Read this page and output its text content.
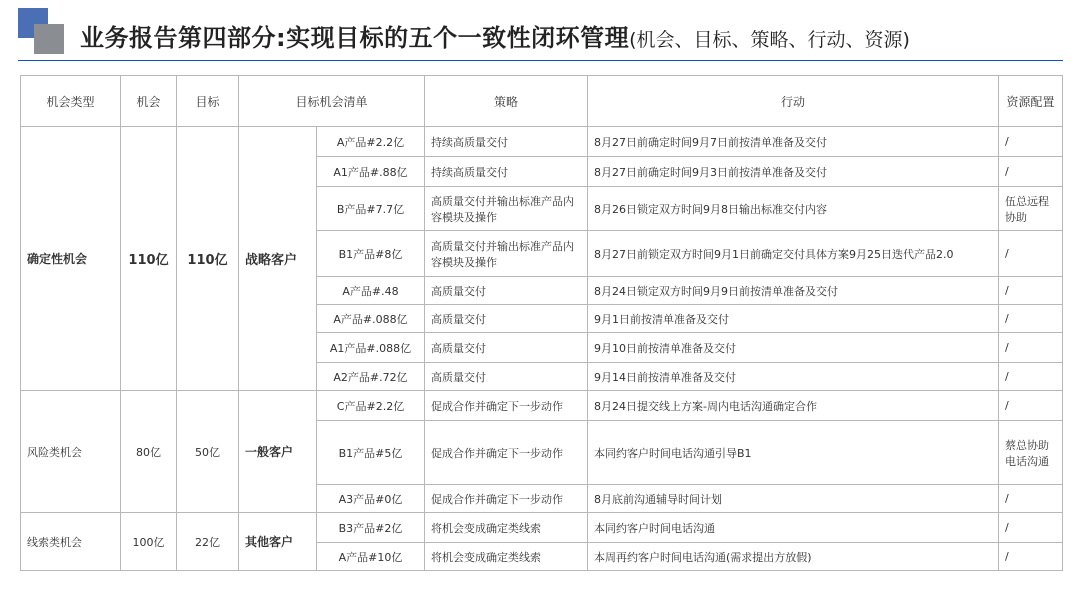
业务报告第四部分:实现目标的五个一致性闭环管理(机会、目标、策略、行动、资源)
机会类型	机会	目标	目标机会清单		策略	行动	资源配置
确定性机会	110亿	110亿	战略客户	A产品#2.2亿	持续高质量交付	8月27日前确定时间9月7日前按清单准备及交付	/
				A1产品#.88亿	持续高质量交付	8月27日前确定时间9月3日前按清单准备及交付	/
				B产品#7.7亿	高质量交付并输出标准产品内容模块及操作	8月26日锁定双方时间9月8日输出标准交付内容	伍总远程协助
				B1产品#8亿	高质量交付并输出标准产品内容模块及操作	8月27日前锁定双方时间9月1日前确定交付具体方案9月25日迭代产品2.0	/
				A产品#.48	高质量交付	8月24日锁定双方时间9月9日前按清单准备及交付	/
				A产品#.088亿	高质量交付	9月1日前按清单准备及交付	/
				A1产品#.088亿	高质量交付	9月10日前按清单准备及交付	/
				A2产品#.72亿	高质量交付	9月14日前按清单准备及交付	/
风险类机会	80亿	50亿	一般客户	C产品#2.2亿	促成合作并确定下一步动作	8月24日提交线上方案-周内电话沟通确定合作	/
				B1产品#5亿	促成合作并确定下一步动作	本同约客户时间电话沟通引导B1	蔡总协助电话沟通
				A3产品#0亿	促成合作并确定下一步动作	8月底前沟通辅导时间计划	/
线索类机会	100亿	22亿	其他客户	B3产品#2亿	将机会变成确定类线索	本同约客户时间电话沟通	/
				A产品#10亿	将机会变成确定类线索	本周再约客户时间电话沟通(需求提出方放假)	/
